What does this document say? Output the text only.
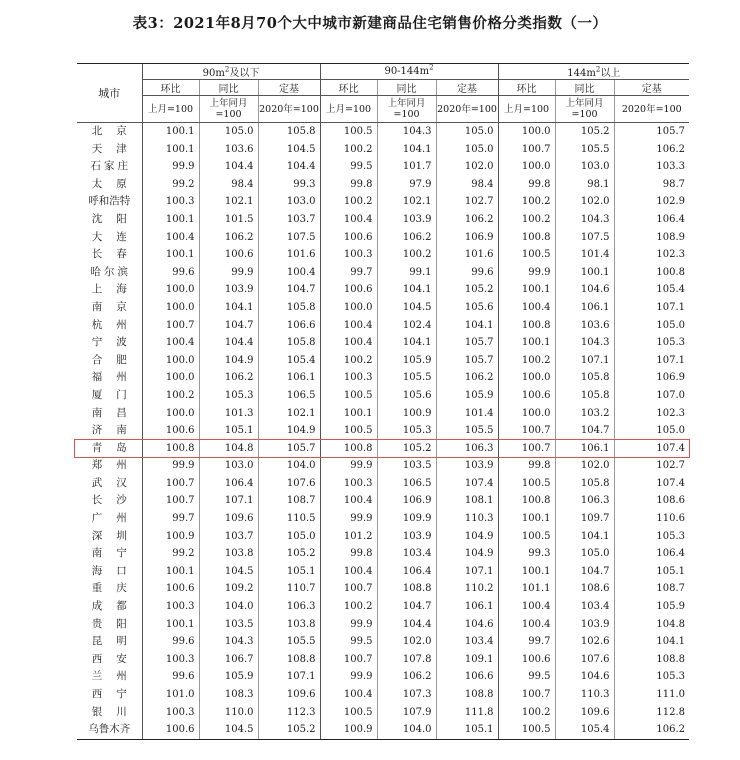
表3：2021年8月70个大中城市新建商品住宅销售价格分类指数（一）
城市	$90m^2$及以下			$90-144m^2$			$144m^2$以上		
	环比	同比	定基	环比	同比	定基	环比	同比	定基
	上月=100	上年同月=100	2020年=100	上月=100	上年同月=100	2020年=100	上月=100	上年同月=100	2020年=100
北京	100.1	105.0	105.8	100.5	104.3	105.0	100.0	105.2	105.7
天津	100.1	103.6	104.5	100.2	104.1	105.0	100.7	105.5	106.2
石家庄	99.9	104.4	104.4	99.5	101.7	102.0	100.0	103.0	103.3
太原	99.2	98.4	99.3	99.8	97.9	98.4	99.8	98.1	98.7
呼和浩特	100.3	102.1	103.0	100.2	102.1	102.7	100.2	102.0	102.9
沈阳	100.1	101.5	103.7	100.4	103.9	106.2	100.2	104.3	106.4
大连	100.4	106.2	107.5	100.6	106.2	106.9	100.8	107.5	108.9
长春	100.1	100.6	101.6	100.3	100.2	101.6	100.5	101.4	102.3
哈尔滨	99.6	99.9	100.4	99.7	99.1	99.6	99.9	100.1	100.8
上海	100.0	103.9	104.7	100.6	104.1	105.2	100.1	104.6	105.4
南京	100.0	104.1	105.8	100.0	104.5	105.6	100.4	106.1	107.1
杭州	100.7	104.7	106.6	100.4	102.4	104.1	100.8	103.6	105.0
宁波	100.4	104.4	105.8	100.4	104.1	105.7	100.1	104.3	105.3
合肥	100.0	104.9	105.4	100.2	105.9	105.7	100.2	107.1	107.1
福州	100.0	106.2	106.1	100.3	105.5	106.2	100.0	105.8	106.9
厦门	100.2	105.3	106.5	100.5	105.6	105.9	100.6	105.8	107.0
南昌	100.0	101.3	102.1	100.1	100.9	101.4	100.0	103.2	102.3
济南	100.6	105.1	104.9	100.5	105.3	105.5	100.7	104.7	105.0
青岛	100.8	104.8	105.7	100.8	105.2	106.3	100.7	106.1	107.4
郑州	99.9	103.0	104.0	99.9	103.5	103.9	99.8	102.0	102.7
武汉	100.7	106.4	107.6	100.3	106.5	107.4	100.5	105.8	107.4
长沙	100.7	107.1	108.7	100.4	106.9	108.1	100.8	106.3	108.6
广州	99.7	109.6	110.5	99.9	109.9	110.3	100.1	109.7	110.6
深圳	100.9	103.7	105.0	101.2	103.9	104.9	100.5	104.1	105.3
南宁	99.2	103.8	105.2	99.8	103.4	104.9	99.3	105.0	106.4
海口	100.1	104.5	105.1	100.4	106.4	107.1	100.1	104.7	105.1
重庆	100.6	109.2	110.7	100.7	108.8	110.2	101.1	108.6	108.7
成都	100.3	104.0	106.3	100.2	104.7	106.1	100.4	103.4	105.9
贵阳	100.1	103.5	103.8	99.9	104.4	104.6	100.4	103.9	104.8
昆明	99.6	104.3	105.5	99.5	102.0	103.4	99.7	102.6	104.1
西安	100.3	106.7	108.8	100.7	107.8	109.1	100.6	107.6	108.8
兰州	99.6	105.9	107.1	99.9	106.2	106.6	99.5	104.6	105.3
西宁	101.0	108.3	109.6	100.4	107.3	108.8	100.7	110.3	111.0
银川	100.3	110.0	112.3	100.5	107.9	111.8	100.2	109.6	112.8
乌鲁木齐	100.6	104.5	105.2	100.9	104.0	105.1	100.5	105.4	106.2
